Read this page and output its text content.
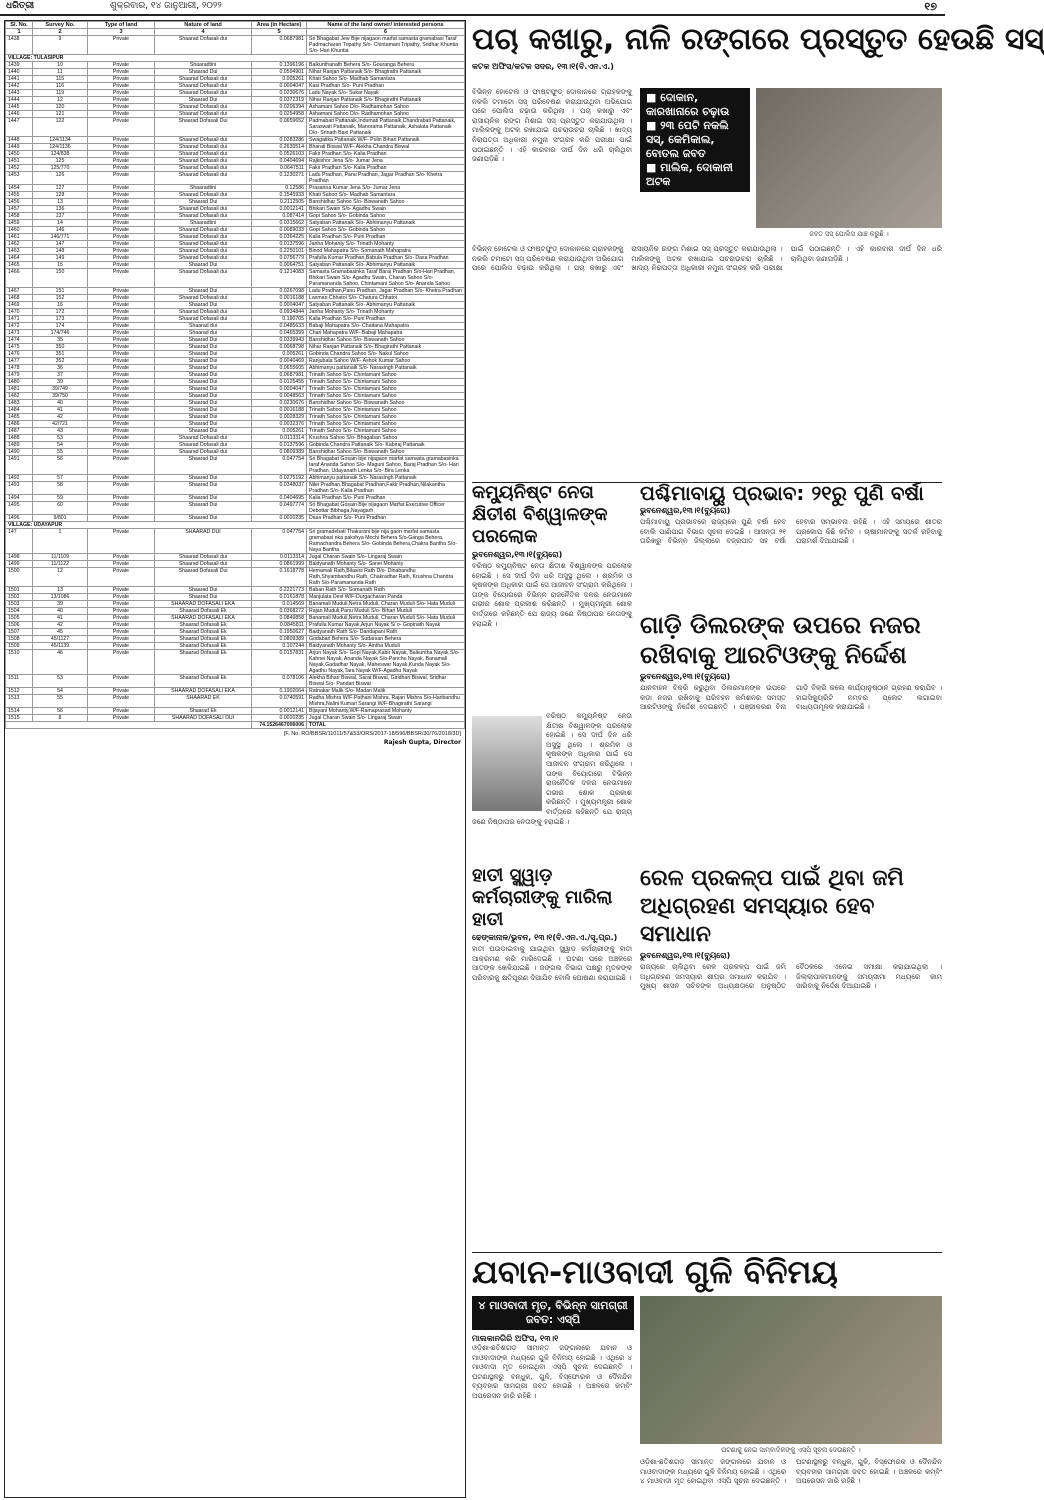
ଧରିତ୍ରୀ	ଶୁକ୍ରବାର, ୧୪ ଜାନୁଆରୀ, ୨୦୨୨	୧୭
Sl. No.	Survey No.	Type of land	Nature of land	Area (in Hectare)	Name of the land owner/ interested persons
1	2	3	4	5	6
1438	9	Private	Shaarad Dofasali dui	0.0687981	Sri Bhagabat Jew Bije nijagaon marfat samasta gramabasi Taraf Padmacharan Tripathy S/o- Chintamani Tripathy, Sridhar Khuntia S/o- Hari Khuntia
VILLAGE: TULASIPUR					
1439	10	Private	Shaaradtini	0.1396196	Baikunthanath Behera S/o- Gouranga Behera
1440	11	Private	Shaarad Dui	0.0594901	Nihar Ranjan Pattanaik S/o- Bhagirathi Pattanaik
1441	115	Private	Shaarad Dofasali dui	0.005261	Khati Sahoo S/o- Madhab Samantara
1442	116	Private	Shaarad Dofasali dui	0.0004047	Kasi Pradhan S/o- Puni Pradhan
1443	119	Private	Shaarad Dofasali dui	0.0230676	Ladu Nayak S/o- Sukar Nayak
1444	12	Private	Shaarad Dui	0.0372319	Nihar Ranjan Pattanaik S/o- Bhagirathi Pattanaik
1445	120	Private	Shaarad Dofasali dui	0.0206394	Ashamani Sahoo D/o- Radhamohan Sahoo
1446	121	Private	Shaarad Dofasali dui	0.0254958	Ashamani Sahoo D/o- Radhamohan Sahoo
1447	122	Private	Shaarad Dofasali Dui	0.0659652	Padmabati Pattanaik,Indumati Pattanaik,Chandrabati Pattanaik, Saraswati Pattanaik, Manorama Pattanaik, Ashalata Pattanaik D/o- Srinath Baxi Pattanaik
1448	124/1134	Private	Shaarad Dofasali dui	0.0283286	Swagatika Pattanaik W/F- Pulin Bihari Pattanaik
1449	124/1136	Private	Shaarad Dofasali dui	0.2630514	Bharati Biswal W/F- Alekha Chandra Biswal
1450	124/838	Private	Shaarad Dofasali dui	0.0526103	Fakir Pradhan S/o- Kalia Pradhan
1451	125	Private	Shaarad Dofasali dui	0.0404694	Rajkishor Jena S/o- Jumar Jena
1452	125/770	Private	Shaarad Dofasali dui	0.0647511	Fakir Pradhan S/o- Kalia Pradhan
1453	126	Private	Shaarad Dofasali dui	0.1230271	Ladu Pradhan, Panu Pradhan, Jagar Pradhan S/o- Khetra Pradhan
1454	127	Private	Shaaradtini	0.12586	Prasanna Kumar Jena S/o- Jumar Jena
1455	128	Private	Shaarad Dofasali dui	0.1545933	Khati Sahoo S/o- Madhab Samantara
1456	13	Private	Shaarad Dui	0.2112505	Banshidhar Sahoo S/o- Biswanath Sahoo
1457	136	Private	Shaarad Dofasali dui	0.0012141	Bhikari Swain S/o- Agadhu Swain
1458	137	Private	Shaarad Dofasali dui	0.087414	Gopi Sahoo S/o- Gobinda Sahoo
1459	14	Private	Shaaradtini	0.0315662	Satyaban Pattanaik S/o- Abhimanyu Pattanaik
1460	146	Private	Shaarad Dofasali dui	0.0089033	Gopi Sahoo S/o- Gobinda Sahoo
1461	146/771	Private	Shaarad Dofasali dui	0.0364225	Kalia Pradhan S/o- Puni Pradhan
1462	147	Private	Shaarad Dofasali dui	0.0137596	Janha Mohanty S/o- Trinath Mohanty
1463	148	Private	Shaarad Dofasali dui	0.2250101	Binod Mahapatra S/o- Somanath Mahapatra
1464	149	Private	Shaarad Dofasali dui	0.0756779	Prafulla Kumar Pradhan,Babula Pradhan S/o- Dasa Pradhan
1465	15	Private	Shaarad Dui	0.0064751	Satyaban Pattanaik S/o- Abhimanyu Pattanaik
1466	150	Private	Shaarad Dofasali dui	0.1214083	Samasta Gramabasinka Taraf Baraj Pradhan S/o-Hari Pradhan, Bhikari Swain S/o- Agadhu Swain, Charan Sahoo S/o- Paramananda Sahoo, Chintamani Sahoo S/o- Ananda Sahoo
1467	151	Private	Shaarad Dui	0.0267098	Ladu Pradhan,Panu Pradhan, Jagar Pradhan S/o- Khetra Pradhan
1468	152	Private	Shaarad Dofasali dui	0.0016188	Laxman Chhatoi S/o- Chatura Chhatoi
1469	16	Private	Shaarad Dui	0.0004047	Satyaban Pattanaik S/o- Abhimanyu Pattanaik
1470	172	Private	Shaarad Dofasali dui	0.0934844	Janha Mohanty S/o- Trinath Mohanty
1471	173	Private	Shaarad Dofasali dui	0.190705	Kalia Pradhan S/o- Puni Pradhan
1472	174	Private	Shaarad dui	0.0485633	Babaji Mahapatra S/o- Chaitana Mahapatra
1473	174/746	Private	Shaarad dui	0.0465399	Chari Mahapatra W/F- Babaji Mahapatra
1474	35	Private	Shaarad Dui	0.0339943	Banshidhar Sahoo S/o- Biswanath Sahoo
1475	350	Private	Shaarad Dui	0.0068798	Nihar Ranjan Pattanaik S/o- Bhagirathi Pattanaik
1476	351	Private	Shaarad Dui	0.005261	Gobinda Chandra Sahoo S/o- Nakul Sahoo
1477	352	Private	Shaarad Dui	0.0040469	Ranjubala Sahoo W/F- Ashok Kumar Sahoo
1478	36	Private	Shaarad Dui	0.0655605	Abhimanyu pattanaik S/o- Narasingh Pattanaik
1479	37	Private	Shaarad Dui	0.0687981	Trinath Sahoo S/o- Chintamani Sahoo
1480	39	Private	Shaarad Dui	0.0125455	Trinath Sahoo S/o- Chintamani Sahoo
1481	39/749	Private	Shaarad Dui	0.0004047	Trinath Sahoo S/o- Chintamani Sahoo
1482	39/750	Private	Shaarad Dui	0.0048563	Trinath Sahoo S/o- Chintamani Sahoo
1483	40	Private	Shaarad Dui	0.0230676	Banshidhar Sahoo S/o- Biswanath Sahoo
1484	41	Private	Shaarad Dui	0.0016188	Trinath Sahoo S/o- Chintamani Sahoo
1485	42	Private	Shaarad Dui	0.0028329	Trinath Sahoo S/o- Chintamani Sahoo
1486	42/721	Private	Shaarad Dui	0.0032376	Trinath Sahoo S/o- Chintamani Sahoo
1487	43	Private	Shaarad Dui	0.005261	Trinath Sahoo S/o- Chintamani Sahoo
1488	53	Private	Shaarad Dofasali dui	0.0113314	Krushna Sahoo S/o- Bhagaban Sahoo
1489	54	Private	Shaarad Dofasali dui	0.0137596	Gobinda Chandra Pattanaik S/o- Kabiraj Pattanaik
1490	55	Private	Shaarad Dofasali dui	0.0809389	Banshidhar Sahoo S/o- Biswanath Sahoo
1491	56	Private	Shaarad Dui	0.047754	Sri Bhagabat Gosain bije nijagaon marfat samasta gramabasinka taraf Ananda Sahoo S/o- Maguni Sahoo, Baraj Pradhan S/o- Hari Pradhan, Udayanath Lenka S/o- Bira Lenka
1492	57	Private	Shaarad Dui	0.0275192	Abhimanyu pattanaik S/o- Narasingh Pattanaik
1493	58	Private	Shaarad Dui	0.0348037	Nilei Pradhan,Bhagabat Pradhan,Fakir Pradhan,Nilakantha Pradhan S/o- Kalia Pradhan
1494	59	Private	Shaarad Dui	0.0404695	Kalia Pradhan S/o- Puni Pradhan
1495	60	Private	Shaarad Dui	0.0497774	Sri Bhagabat Gosain Bije nijagaon Marfat Executive Officer Debottar Bibhaga,Nayagarh
1496	9/801	Private	Shaarad Dui	0.0020235	Dasa Pradhan S/o- Puni Pradhan
VILLAGE: UDAYAPUR					
147	1	Private	SHAARAD DUI	0.047754	Sri gramadebati Thakurani bije nija gaon marfat samasta gramabasi nka pakshya Mochi Behera S/o-Ganga Behera, Ramachandra Behera S/o- Gobinda Behera,Chakra Bantha S/o- Naya Bantha
1498	11/1109	Private	Shaarad Dofasali dui	0.0113314	Jugal Charan Swain S/o- Lingaraj Swain
1499	11/1122	Private	Shaarad Dofasali dui	0.0861999	Baidyanath Mohanty S/o- Sanei Mohanty
1500	12	Private	Shaarad Dofasali Dui	0.1618778	Hemamali Rath,Bilasini Rath D/o- Dinabandhu Rath,Shyambandhu Rath, Chakradhar Rath, Krushna Chandra Rath S/o-Paramananda Rath
1501	13	Private	Shaarad Dui	0.2221773	Baban Rath S/o- Somanath Rath
1502	13/1086	Private	Shaarad Dui	0.0161878	Manjulata Devi W/F-Durgacharan Panda
1503	39	Private	SHAARAD DOFASALI EKA	0.014569	Banamali Muduli,Netra Muduli, Charan Muduli S/o- Hata Muduli
1504	40	Private	Shaarad Dofasali Ek	0.0368272	Rajan Muduli,Panu Muduli S/o- Bihari Muduli
1505	41	Private	SHAARAD DOFASALI EKA	0.0849858	Banamali Muduli,Netra Muduli, Charan Muduli S/o- Hata Muduli
1506	42	Private	Shaarad Dofasali Ek	0.0845811	Prafulla Kumar Nayak,Arjun Nayak S/ o- Gopinath Nayak
1507	45	Private	Shaarad Dofasali Ek	0.1950627	Baidyanath Rath S/o- Dandapani Rath
1508	45/1127	Private	Shaarad Dofasali Ek	0.0809389	Godabari Behera S/o- Sudarsan Behera
1509	45/1139	Private	Shaarad Dofasali Ek	0.107244	Baidyanath Mohanty S/o- Aintha Muduli
1510	46	Private	Shaarad Dofasali Ek	0.0157831	Arjun Nayak S/o- Gopi Nayak,Kabir Nayak, Baikuntha Nayak S/o- Kahnei Nayak, Ananda Nayak S/o-Panchu Nayak, Banamali Nayak,Gadadhar Nayak, Maheswar Nayak,Kunda Nayak S/o- Agadhu Nayak,Tara Nayak W/F-Agadhu Nayak
1511	53	Private	Shaarad Dofasali Ek	0.078106	Alekha Bihari Biswal, Sarat Biswal, Giridhari Biswal, Sridhar Biswal S/o- Pandari Biswal
1512	54	Private	SHAARAD DOFASALI EKA	0.1902064	Ratnakar Malik S/o- Madan Malik
1513	55	Private	SHAARAD EK	0.0740591	Radha Mishra W/F-Pathani Mishra, Rajan Mishra S/o-Haribandhu Mishra,Nalini Kumari Sarangi W/F-Bhagirathi Sarangi
1514	56	Private	Shaarad Ek	0.0012141	Bijayani Mohanty,W/F-Ramaprasad Mohanty
1515	8	Private	SHAARAD DOFASALI DUI	0.0020235	Jugal Charan Swain S/o- Lingaraj Swain
				74.1526467006006	TOTAL
[F. No. RO/BBSR/11011/57&53/ORS/2017-18/596/BBSR/30/76/2018/3D]
Rajesh Gupta, Director
ପଚା କଖାରୁ, ନାଳି ରଙ୍ଗରେ ପ୍ରସ୍ତୁତ ହେଉଛି ସସ୍
କଟକ ଅଫିସ/କଟକ ସଦର, ୧୩।୧(ବି.ଏନ.ଏ.)
ବିଭିନ୍ନ ହୋଟେଲ ଓ ଫାଷ୍ଟଫୁଡ୍ ଦୋକାନରେ ଗ୍ରାହକଙ୍କୁ ନକଲି ଟମାଟୋ ସସ୍ ପରିବେଷଣ କରାଯାଉଥିବା ଅଭିଯୋଗ ପରେ ପୋଲିସ ଚଢ଼ାଉ କରିଥିଲା । ପଚା କଖାରୁ ଏବଂ ରାସାୟନିକ ରଙ୍ଗ ମିଶାଇ ସସ୍ ପ୍ରସ୍ତୁତ କରାଯାଉଥିଲା । ମାଲିକଙ୍କୁ ଅଟକ ରଖାଯାଇ ପଚରାଉଚରା ଚାଲିଛି । ଖାଦ୍ୟ ନିରାପତ୍ତା ଅଧିକାରୀ ନମୁନା ସଂଗ୍ରହ କରି ପରୀକ୍ଷା ପାଇଁ ପଠାଇଛନ୍ତି । ଏହି କାରବାର ଦୀର୍ଘ ଦିନ ଧରି ଚାଲିଥିବା ଜଣାପଡ଼ିଛି ।
■ ଦୋକାନ, କାରଖାନାରେ ଚଢ଼ାଉ
■ ୨୩ ପେଟି ନକଲି ସସ୍, କେମିକାଲ, ବୋତଲ ଜବତ
■ ମାଲିକ, ଦୋକାନୀ ଅଟକ
ଜବତ ସସ୍ ପୋଲିସ ଯାଞ୍ଚ କରୁଛି ।
ବିଭିନ୍ନ ହୋଟେଲ ଓ ଫାଷ୍ଟଫୁଡ୍ ଦୋକାନରେ ଗ୍ରାହକଙ୍କୁ ନକଲି ଟମାଟୋ ସସ୍ ପରିବେଷଣ କରାଯାଉଥିବା ଅଭିଯୋଗ ପରେ ପୋଲିସ ଚଢ଼ାଉ କରିଥିଲା । ପଚା କଖାରୁ ଏବଂ ରାସାୟନିକ ରଙ୍ଗ ମିଶାଇ ସସ୍ ପ୍ରସ୍ତୁତ କରାଯାଉଥିଲା । ମାଲିକଙ୍କୁ ଅଟକ ରଖାଯାଇ ପଚରାଉଚରା ଚାଲିଛି । ଖାଦ୍ୟ ନିରାପତ୍ତା ଅଧିକାରୀ ନମୁନା ସଂଗ୍ରହ କରି ପରୀକ୍ଷା ପାଇଁ ପଠାଇଛନ୍ତି । ଏହି କାରବାର ଦୀର୍ଘ ଦିନ ଧରି ଚାଲିଥିବା ଜଣାପଡ଼ିଛି ।
କମ୍ୟୁନିଷ୍ଟ ନେତା କ୍ଷିତୀଶ ବିଶ୍ୱାଳଙ୍କ ପରଲୋକ
ଭୁବନେଶ୍ୱର,୧୩।୧(ବ୍ୟୁରୋ)
ବରିଷ୍ଠ କମ୍ୟୁନିଷ୍ଟ ନେତା କ୍ଷିତୀଶ ବିଶ୍ୱାଳଙ୍କ ପରଲୋକ ହୋଇଛି । ସେ ଦୀର୍ଘ ଦିନ ଧରି ଅସୁସ୍ଥ ଥିଲେ । ଶ୍ରମିକ ଓ କୃଷକଙ୍କ ଅଧିକାର ପାଇଁ ସେ ଆଜୀବନ ସଂଗ୍ରାମ କରିଥିଲେ । ତାଙ୍କ ବିୟୋଗରେ ବିଭିନ୍ନ ରାଜନୈତିକ ଦଳର ନେତାମାନେ ଗଭୀର ଶୋକ ପ୍ରକାଶ କରିଛନ୍ତି । ମୁଖ୍ୟମନ୍ତ୍ରୀ ଶୋକ ବାର୍ତ୍ତାରେ କହିଛନ୍ତି ଯେ ରାଜ୍ୟ ଜଣେ ନିଷ୍ଠାପର ନେତାଙ୍କୁ ହରାଇଛି ।
ବରିଷ୍ଠ କମ୍ୟୁନିଷ୍ଟ ନେତା କ୍ଷିତୀଶ ବିଶ୍ୱାଳଙ୍କ ପରଲୋକ ହୋଇଛି । ସେ ଦୀର୍ଘ ଦିନ ଧରି ଅସୁସ୍ଥ ଥିଲେ । ଶ୍ରମିକ ଓ କୃଷକଙ୍କ ଅଧିକାର ପାଇଁ ସେ ଆଜୀବନ ସଂଗ୍ରାମ କରିଥିଲେ । ତାଙ୍କ ବିୟୋଗରେ ବିଭିନ୍ନ ରାଜନୈତିକ ଦଳର ନେତାମାନେ ଗଭୀର ଶୋକ ପ୍ରକାଶ କରିଛନ୍ତି । ମୁଖ୍ୟମନ୍ତ୍ରୀ ଶୋକ ବାର୍ତ୍ତାରେ କହିଛନ୍ତି ଯେ ରାଜ୍ୟ ଜଣେ ନିଷ୍ଠାପର ନେତାଙ୍କୁ ହରାଇଛି ।
ପଶ୍ଚିମାବାୟୁ ପ୍ରଭାବ: ୨୧ରୁ ପୁଣି ବର୍ଷା
ଭୁବନେଶ୍ୱର,୧୩।୧(ବ୍ୟୁରୋ)
ପଶ୍ଚିମାବାୟୁ ପ୍ରଭାବରେ ରାଜ୍ୟରେ ପୁଣି ବର୍ଷା ହେବ ବୋଲି ପାଣିପାଗ ବିଭାଗ ସୂଚନା ଦେଇଛି । ଆସନ୍ତା ୨୧ ତାରିଖରୁ ବିଭିନ୍ନ ଜିଲ୍ଲାରେ ବଜ୍ରପାତ ସହ ବର୍ଷା ହେବାର ସମ୍ଭାବନା ରହିଛି । ଏହି ସମୟରେ ଶୀତର ପ୍ରକୋପ କିଛି କମିବ । ଚାଷୀମାନଙ୍କୁ ସତର୍କ ରହିବାକୁ ପରାମର୍ଶ ଦିଆଯାଇଛି ।
ଗାଡ଼ି ଡିଲରଙ୍କ ଉପରେ ନଜର ରଖିବାକୁ ଆରଟିଓଙ୍କୁ ନିର୍ଦ୍ଦେଶ
ଭୁବନେଶ୍ୱର,୧୩।୧(ବ୍ୟୁରୋ)
ଯାନବାହନ ବିକ୍ରି କରୁଥିବା ଡିଲରମାନଙ୍କ ଉପରେ କଡ଼ା ନଜର ରଖିବାକୁ ପରିବହନ କମିଶନର ସମସ୍ତ ଆରଟିଓଙ୍କୁ ନିର୍ଦ୍ଦେଶ ଦେଇଛନ୍ତି । ପଞ୍ଜୀକରଣ ବିନା ଗାଡ଼ି ବିକ୍ରି କଲେ କାର୍ଯ୍ୟାନୁଷ୍ଠାନ ଗ୍ରହଣ କରାଯିବ । ହାଇସିକ୍ୟୁରିଟି ନମ୍ବର ପ୍ଲେଟ ଲଗାଇବା ବାଧ୍ୟତାମୂଳକ କରାଯାଇଛି ।
ହାତୀ ସ୍କ୍ୱାଡ଼ କର୍ମଚାରୀଙ୍କୁ ମାରିଲା ହାତୀ
ଢେଙ୍କାନାଳ/ଭୁବନ, ୧୩।୧(ବି.ଏନ.ଏ./ସୂ.ପ୍ର.)
ହାତୀ ଘଉଡ଼ାଇବାକୁ ଯାଇଥିବା ସ୍କ୍ୱାଡ଼ କର୍ମଚାରୀଙ୍କୁ ହାତୀ ଆକ୍ରମଣ କରି ମାରିଦେଇଛି । ଘଟଣା ପରେ ଅଞ୍ଚଳରେ ଆତଙ୍କ ଖେଳିଯାଇଛି । ଜଙ୍ଗଲ ବିଭାଗ ପକ୍ଷରୁ ମୃତକଙ୍କ ପରିବାରକୁ କ୍ଷତିପୂରଣ ଦିଆଯିବ ବୋଲି ଘୋଷଣା କରାଯାଇଛି ।
ରେଳ ପ୍ରକଳ୍ପ ପାଇଁ ଥିବା ଜମି ଅଧିଗ୍ରହଣ ସମସ୍ୟାର ହେବ ସମାଧାନ
ଭୁବନେଶ୍ୱର,୧୩।୧(ବ୍ୟୁରୋ)
ରାଜ୍ୟରେ ଚାଲିଥିବା ରେଳ ପ୍ରକଳ୍ପ ପାଇଁ ଜମି ଅଧିଗ୍ରହଣ ସମସ୍ୟାର ଶୀଘ୍ର ସମାଧାନ କରାଯିବ । ମୁଖ୍ୟ ଶାସନ ସଚିବଙ୍କ ଅଧ୍ୟକ୍ଷତାରେ ଅନୁଷ୍ଠିତ ବୈଠକରେ ଏନେଇ ସମୀକ୍ଷା କରାଯାଇଥିଲା । ଜିଲ୍ଲାପାଳମାନଙ୍କୁ ସମୟସୀମା ମଧ୍ୟରେ କାମ ସାରିବାକୁ ନିର୍ଦ୍ଦେଶ ଦିଆଯାଇଛି ।
ଯବାନ-ମାଓବାଦୀ ଗୁଳି ବିନିମୟ
୪ ମାଓବାଦୀ ମୃତ, ବିଭିନ୍ନ ସାମଗ୍ରୀ ଜବତ: ଏସ୍‌ପି
ମାଲକାନଗିରି ଅଫିସ, ୧୩।୧
ଓଡ଼ିଶା-ଛତିଶଗଡ଼ ସୀମାନ୍ତ ଜଙ୍ଗଲରେ ଯବାନ ଓ ମାଓବାଦୀଙ୍କ ମଧ୍ୟରେ ଗୁଳି ବିନିମୟ ହୋଇଛି । ଏଥିରେ ୪ ମାଓବାଦୀ ମୃତ ହୋଇଥିବା ଏସ୍‌ପି ସୂଚନା ଦେଇଛନ୍ତି । ଘଟଣାସ୍ଥଳରୁ ବନ୍ଧୁକ, ଗୁଳି, ବିସ୍ଫୋରକ ଓ ଦୈନନ୍ଦିନ ବ୍ୟବହାର ସାମଗ୍ରୀ ଜବତ ହୋଇଛି । ଅଞ୍ଚଳରେ କମ୍ବିଂ ଅପରେସନ ଜାରି ରହିଛି ।
ଘଟଣାକୁ ନେଇ ସାମ୍ବାଦିକଙ୍କୁ ଏସ୍‌ପି ସୂଚନା ଦେଉଛନ୍ତି ।
ଓଡ଼ିଶା-ଛତିଶଗଡ଼ ସୀମାନ୍ତ ଜଙ୍ଗଲରେ ଯବାନ ଓ ମାଓବାଦୀଙ୍କ ମଧ୍ୟରେ ଗୁଳି ବିନିମୟ ହୋଇଛି । ଏଥିରେ ୪ ମାଓବାଦୀ ମୃତ ହୋଇଥିବା ଏସ୍‌ପି ସୂଚନା ଦେଇଛନ୍ତି । ଘଟଣାସ୍ଥଳରୁ ବନ୍ଧୁକ, ଗୁଳି, ବିସ୍ଫୋରକ ଓ ଦୈନନ୍ଦିନ ବ୍ୟବହାର ସାମଗ୍ରୀ ଜବତ ହୋଇଛି । ଅଞ୍ଚଳରେ କମ୍ବିଂ ଅପରେସନ ଜାରି ରହିଛି ।
